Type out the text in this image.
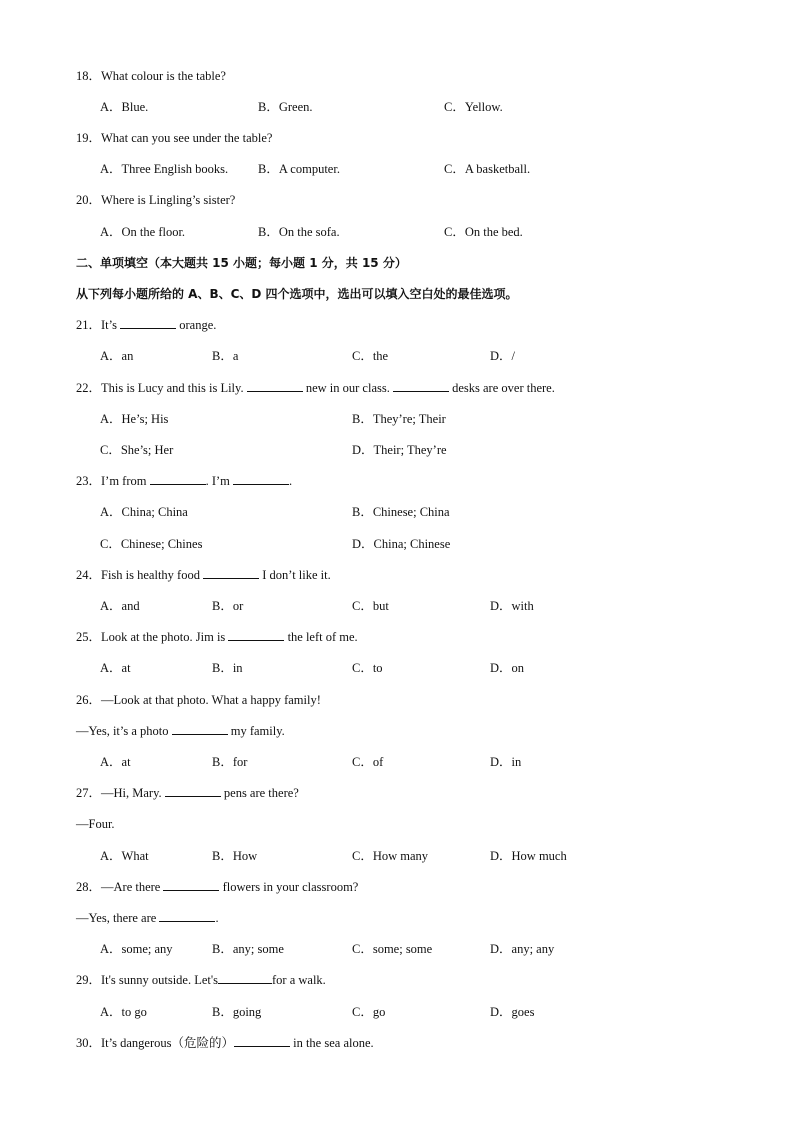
18．What colour is the table?
A．Blue.	B．Green.	C．Yellow.
19．What can you see under the table?
A．Three English books. B．A computer.	C．A basketball.
20．Where is Lingling’s sister?
A．On the floor.	B．On the sofa.	C．On the bed.
二、单项填空（本大题共 15 小题；每小题 1 分，共 15 分）
从下列每小题所给的 A、B、C、D 四个选项中，选出可以填入空白处的最佳选项。
21．It’s	orange.
A．an	B．a	C．the	D．/
22．This is Lucy and this is Lily.	new in our class.	desks are over there.
A．He’s; His	B．They’re; Their
C．She’s; Her	D．Their; They’re
23．I’m from	. I’m	.
A．China; China	B．Chinese; China
C．Chinese; Chines	D．China; Chinese
24．Fish is healthy food	I don’t like it.
A．and	B．or	C．but	D．with
25．Look at the photo. Jim is	the left of me.
A．at	B．in	C．to	D．on
26．—Look at that photo. What a happy family!
—Yes, it’s a photo	my family.
A．at	B．for	C．of	D．in
27．—Hi, Mary.	pens are there?
—Four.
A．What	B．How	C．How many	D．How much
28．—Are there	flowers in your classroom?
—Yes, there are	.
A．some; any	B．any; some	C．some; some	D．any; any
29．It's sunny outside. Let's	for a walk.
A．to go	B．going	C．go	D．goes
30．It’s dangerous（危险的）	in the sea alone.
